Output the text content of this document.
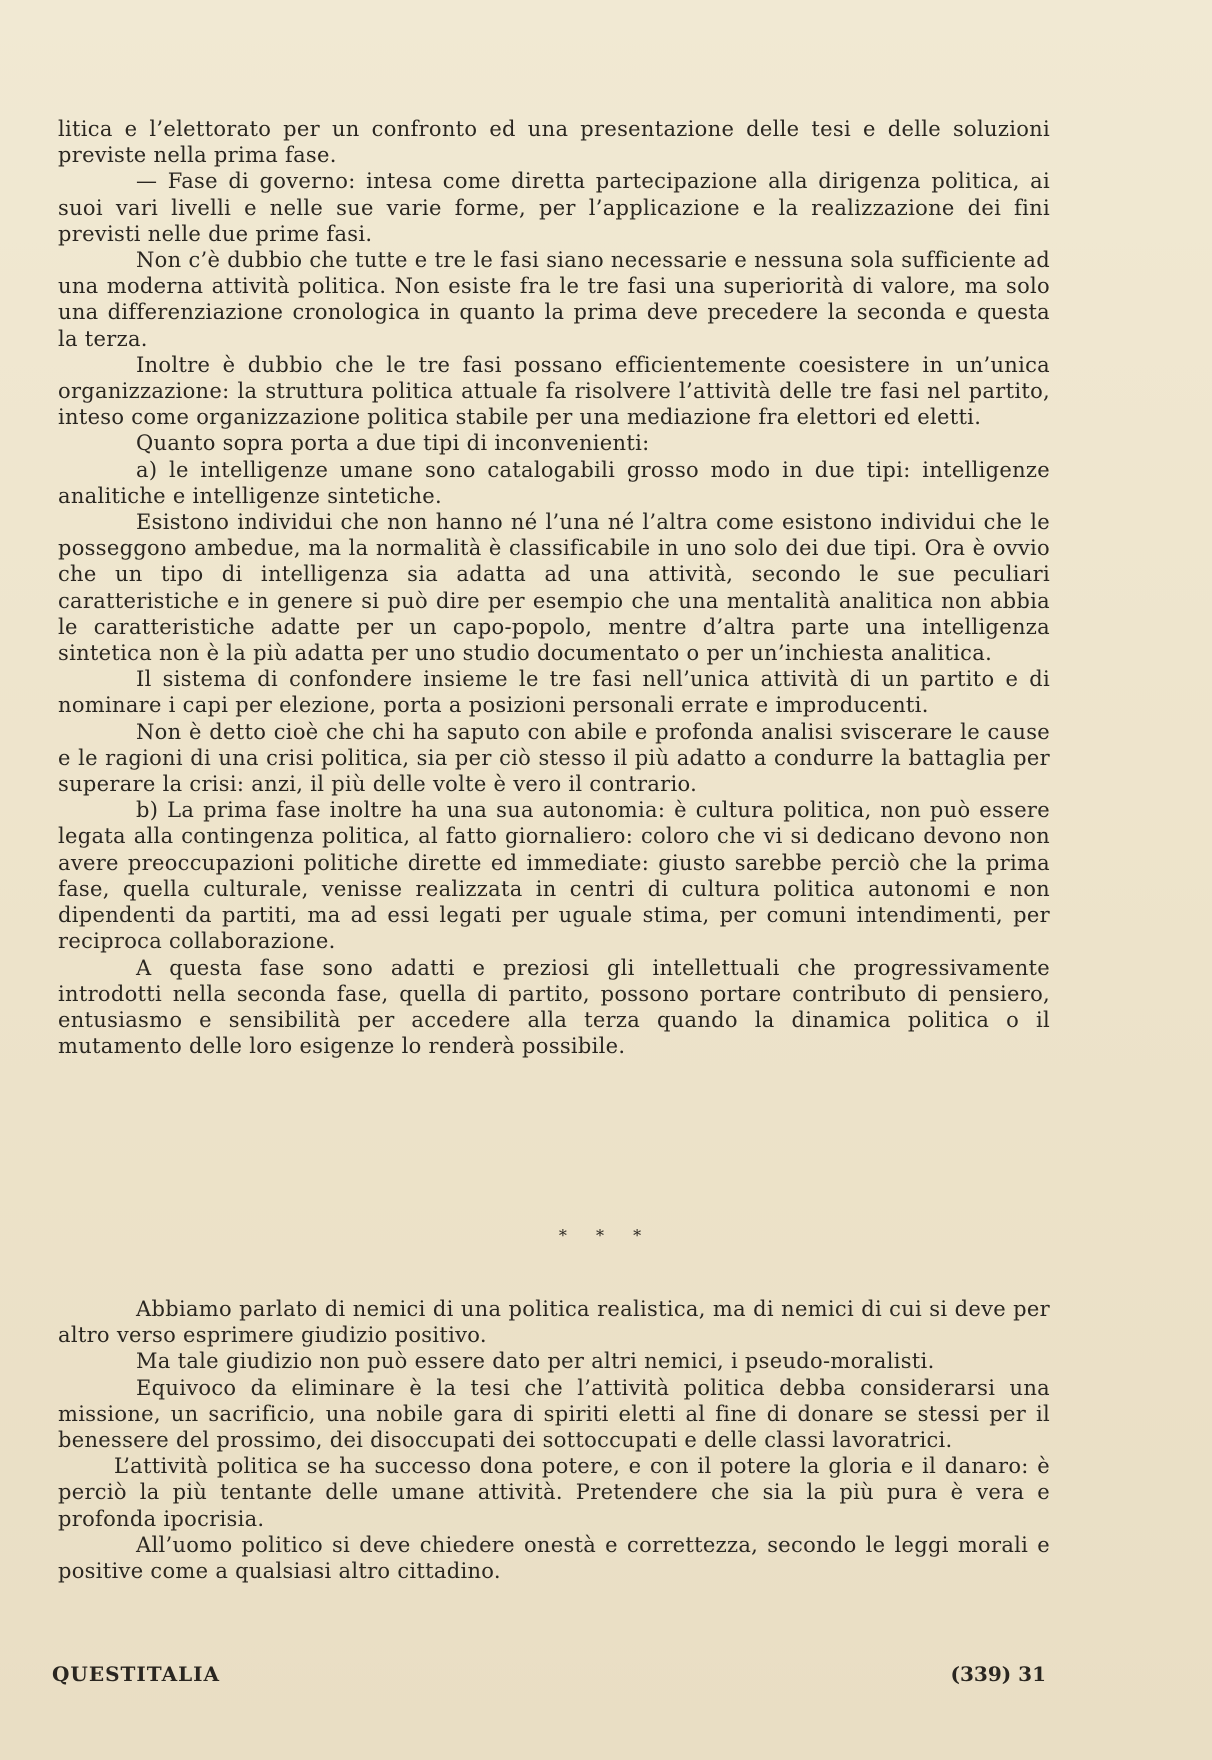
litica e l’elettorato per un confronto ed una presentazione delle tesi e delle soluzioni previste nella prima fase.

— Fase di governo: intesa come diretta partecipazione alla dirigenza politica, ai suoi vari livelli e nelle sue varie forme, per l’applicazione e la realizzazione dei fini previsti nelle due prime fasi.

Non c’è dubbio che tutte e tre le fasi siano necessarie e nessuna sola sufficiente ad una moderna attività politica. Non esiste fra le tre fasi una superiorità di valore, ma solo una differenziazione cronologica in quanto la prima deve precedere la seconda e questa la terza.

Inoltre è dubbio che le tre fasi possano efficientemente coesistere in un’unica organizzazione: la struttura politica attuale fa risolvere l’attività delle tre fasi nel partito, inteso come organizzazione politica stabile per una mediazione fra elettori ed eletti.

Quanto sopra porta a due tipi di inconvenienti:

a) le intelligenze umane sono catalogabili grosso modo in due tipi: intelligenze analitiche e intelligenze sintetiche.

Esistono individui che non hanno né l’una né l’altra come esistono individui che le posseggono ambedue, ma la normalità è classificabile in uno solo dei due tipi. Ora è ovvio che un tipo di intelligenza sia adatta ad una attività, secondo le sue peculiari caratteristiche e in genere si può dire per esempio che una mentalità analitica non abbia le caratteristiche adatte per un capo-popolo, mentre d’altra parte una intelligenza sintetica non è la più adatta per uno studio documentato o per un’inchiesta analitica.

Il sistema di confondere insieme le tre fasi nell’unica attività di un partito e di nominare i capi per elezione, porta a posizioni personali errate e improducenti.

Non è detto cioè che chi ha saputo con abile e profonda analisi sviscerare le cause e le ragioni di una crisi politica, sia per ciò stesso il più adatto a condurre la battaglia per superare la crisi: anzi, il più delle volte è vero il contrario.

b) La prima fase inoltre ha una sua autonomia: è cultura politica, non può essere legata alla contingenza politica, al fatto giornaliero: coloro che vi si dedicano devono non avere preoccupazioni politiche dirette ed immediate: giusto sarebbe perciò che la prima fase, quella culturale, venisse realizzata in centri di cultura politica autonomi e non dipendenti da partiti, ma ad essi legati per uguale stima, per comuni intendimenti, per reciproca collaborazione.

A questa fase sono adatti e preziosi gli intellettuali che progressivamente introdotti nella seconda fase, quella di partito, possono portare contributo di pensiero, entusiasmo e sensibilità per accedere alla terza quando la dinamica politica o il mutamento delle loro esigenze lo renderà possibile.

* * *

Abbiamo parlato di nemici di una politica realistica, ma di nemici di cui si deve per altro verso esprimere giudizio positivo.

Ma tale giudizio non può essere dato per altri nemici, i pseudo-moralisti.

Equivoco da eliminare è la tesi che l’attività politica debba considerarsi una missione, un sacrificio, una nobile gara di spiriti eletti al fine di donare se stessi per il benessere del prossimo, dei disoccupati dei sottoccupati e delle classi lavoratrici.

L’attività politica se ha successo dona potere, e con il potere la gloria e il danaro: è perciò la più tentante delle umane attività. Pretendere che sia la più pura è vera e profonda ipocrisia.

All’uomo politico si deve chiedere onestà e correttezza, secondo le leggi morali e positive come a qualsiasi altro cittadino.

QUESTITALIA	(339) 31
